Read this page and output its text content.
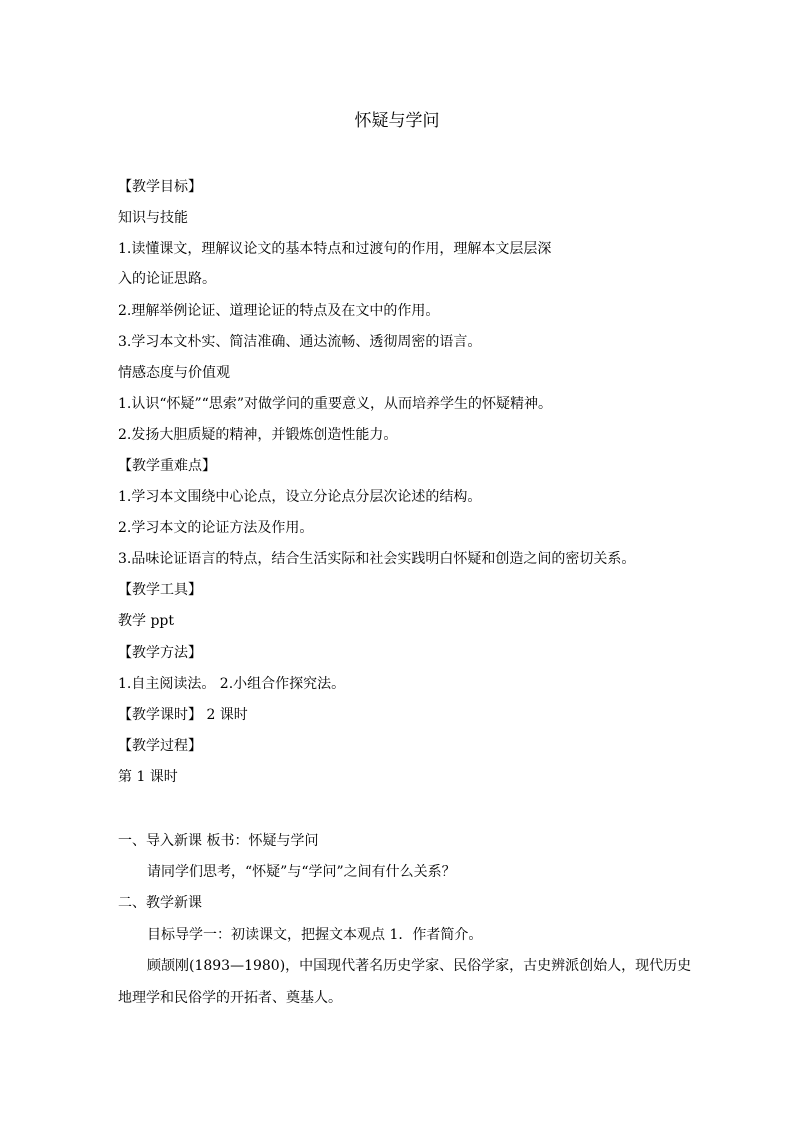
怀疑与学问
【教学目标】
知识与技能
1.读懂课文，理解议论文的基本特点和过渡句的作用，理解本文层层深
入的论证思路。
2.理解举例论证、道理论证的特点及在文中的作用。
3.学习本文朴实、简洁准确、通达流畅、透彻周密的语言。
情感态度与价值观
1.认识“怀疑”“思索”对做学问的重要意义，从而培养学生的怀疑精神。
2.发扬大胆质疑的精神，并锻炼创造性能力。
【教学重难点】
1.学习本文围绕中心论点，设立分论点分层次论述的结构。
2.学习本文的论证方法及作用。
3.品味论证语言的特点，结合生活实际和社会实践明白怀疑和创造之间的密切关系。
【教学工具】
教学 ppt
【教学方法】
1.自主阅读法。 2.小组合作探究法。
【教学课时】 2 课时
【教学过程】
第 1 课时
一、导入新课 板书：怀疑与学问
请同学们思考，“怀疑”与“学问”之间有什么关系？
二、教学新课
目标导学一：初读课文，把握文本观点 1．作者简介。
顾颉刚(1893—1980)，中国现代著名历史学家、民俗学家，古史辨派创始人，现代历史
地理学和民俗学的开拓者、奠基人。
